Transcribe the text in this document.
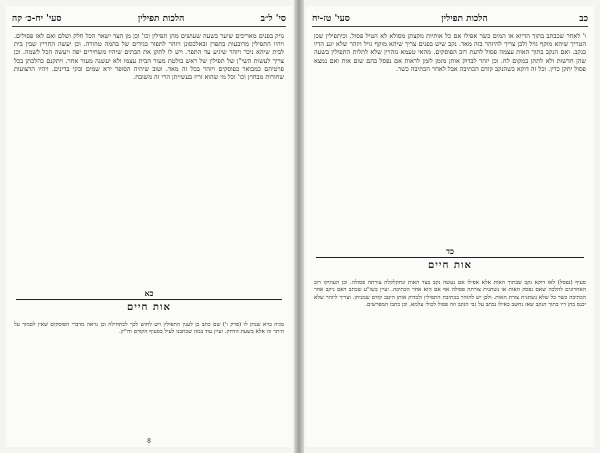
סי' ל״ב
הלכות תפילין
סעי' יח-כ׳ קה
נויק בפנים מאריכים שיער בשעה שעושים מהן תפילין וכו' וכן מן הצד ישאר הכל חלק ושלם ואם לאו פסולים. ויהיו התפילין מרובעות בתפרן ובאלכסונן ויזהר לתפור בגידים של בהמה טהורה. וכן יעשה החריץ שבין בית לבית שיהא ניכר ויזהר שיגיע עד התפר. ויש לו לתקן את הבתים שיהיו משחירים יפה ויעשה הכל לשמה. וכן צריך לעשות השי"ן של תפילין של ראש בולטת מעור הבית עצמו ולא יעשנה מעור אחר. ויתקנם כהלכתן בכל פרטיהם כמבואר בפוסקים ויזהר בכל זה מאד. וטוב שיהיה הסופר ירא שמים ובקי בדינים. ויהיו הרצועות שחורות מבחוץ וכו' וכל מי שהוא זריז בעשייתן הרי זה משובח.
כא
אות חיים
מגיה ברא שנתן לו (פרק ו') שם כתב כן לענין התפילין ויש לחוש לכך לכתחילה וכן נראה מדברי הפוסקים שאין לסמוך על היתר זה אלא בשעת הדחק. ועיין עוד במה שכתבנו לעיל בסעיף הקודם ודו"ק.
8
כב
הלכות תפילין
סעי' טז-יח
ו' לאחר שכבתב בתוך הדיוא או המים כשר אפילו אם כל אותיות מקצתן מסולא לא הטיל פסול. וכיתפילין שכן הטריך שיהא מוקף גויל ולכן צריך להיזהר בזה מאד. נקב שיש בפנים צריך שיהא מוקף גויל ויזהר שלא יגע הדיו בנקב. ואם הנקב בתוך האות עצמה פסול לדעת רוב הפוסקים. מהאי טעמא נזהרין שלא לתלות התפילין בשעה שהן חדשות ולא לתתן במקום לח. וכן יזהר לבדוק אותן מזמן לזמן לראות אם נפסל בהם שום אות ואם נמצא פסול יתקן כדין. וכל זה דוקא כשהנקב קודם הכתיבה אבל לאחר הכתיבה כשר.
כד
אות חיים
סעיף (נפסל) לאו דוקא נקב שבתוך האות אלא אפילו אם נעשה נקב בצד האות ונתקלקלה צורתה פסולה. וכן העתיקו רוב האחרונים להלכה שאם נפסק האות או נשתנית צורתה פסולה אף אם הוא אחר הכתיבה. ועיין בשו"ע שכתב דאם ניקב אחר הכתיבה כשר כל שלא נשתנית צורת האות. ולכן יש להזהר בכתיבת התפילין ולבדוק אותן היטב קודם שמניחן. וצריך ליזהר שלא יכנס בהן דיו בתוך הנקב שאז נחשב כאילו נכתב על גבי הנקב וזה פסול לכולי עלמא. וכן כתבו המפרשים.
